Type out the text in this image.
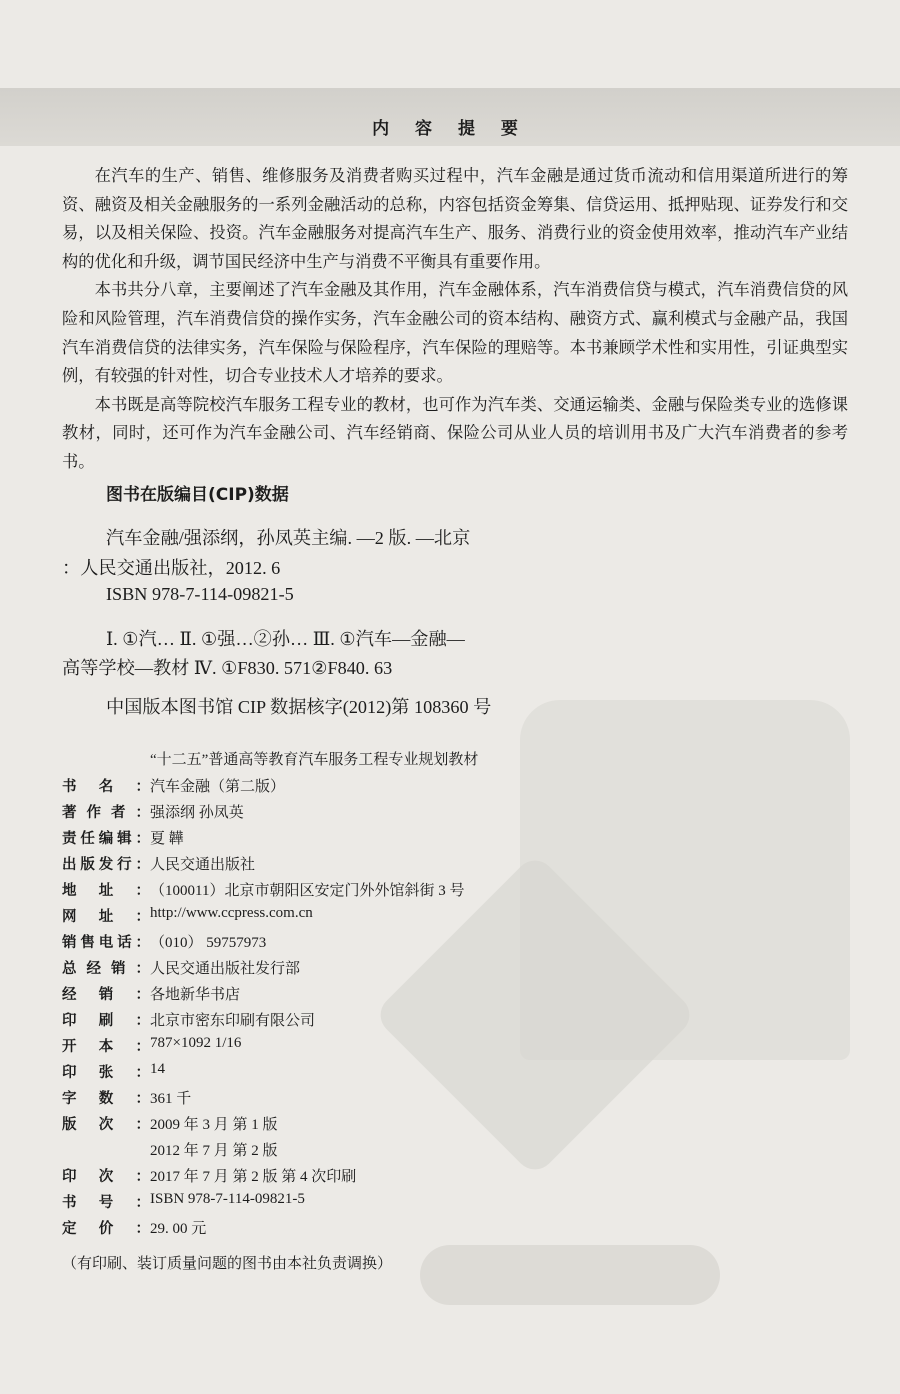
内 容 提 要

在汽车的生产、销售、维修服务及消费者购买过程中，汽车金融是通过货币流动和信用渠道所进行的筹资、融资及相关金融服务的一系列金融活动的总称，内容包括资金筹集、信贷运用、抵押贴现、证券发行和交易，以及相关保险、投资。汽车金融服务对提高汽车生产、服务、消费行业的资金使用效率，推动汽车产业结构的优化和升级，调节国民经济中生产与消费不平衡具有重要作用。

本书共分八章，主要阐述了汽车金融及其作用，汽车金融体系，汽车消费信贷与模式，汽车消费信贷的风险和风险管理，汽车消费信贷的操作实务，汽车金融公司的资本结构、融资方式、赢利模式与金融产品，我国汽车消费信贷的法律实务，汽车保险与保险程序，汽车保险的理赔等。本书兼顾学术性和实用性，引证典型实例，有较强的针对性，切合专业技术人才培养的要求。

本书既是高等院校汽车服务工程专业的教材，也可作为汽车类、交通运输类、金融与保险类专业的选修课教材，同时，还可作为汽车金融公司、汽车经销商、保险公司从业人员的培训用书及广大汽车消费者的参考书。

图书在版编目(CIP)数据
汽车金融/强添纲，孙凤英主编. —2 版. —北京
：人民交通出版社，2012. 6
ISBN 978-7-114-09821-5
Ⅰ. ①汽… Ⅱ. ①强…②孙… Ⅲ. ①汽车—金融—
高等学校—教材 Ⅳ. ①F830. 571②F840. 63
中国版本图书馆 CIP 数据核字(2012)第 108360 号
“十二五”普通高等教育汽车服务工程专业规划教材
书名： 汽车金融（第二版）
著作者： 强添纲 孙凤英
责任编辑： 夏 韡
出版发行： 人民交通出版社
地址： （100011）北京市朝阳区安定门外外馆斜街 3 号
网址： http://www.ccpress.com.cn
销售电话： （010） 59757973
总经销： 人民交通出版社发行部
经销： 各地新华书店
印刷： 北京市密东印刷有限公司
开本： 787×1092 1/16
印张： 14
字数： 361 千
版次： 2009 年 3 月 第 1 版
2012 年 7 月 第 2 版
印次： 2017 年 7 月 第 2 版 第 4 次印刷
书号： ISBN 978-7-114-09821-5
定价： 29. 00 元
（有印刷、装订质量问题的图书由本社负责调换）
